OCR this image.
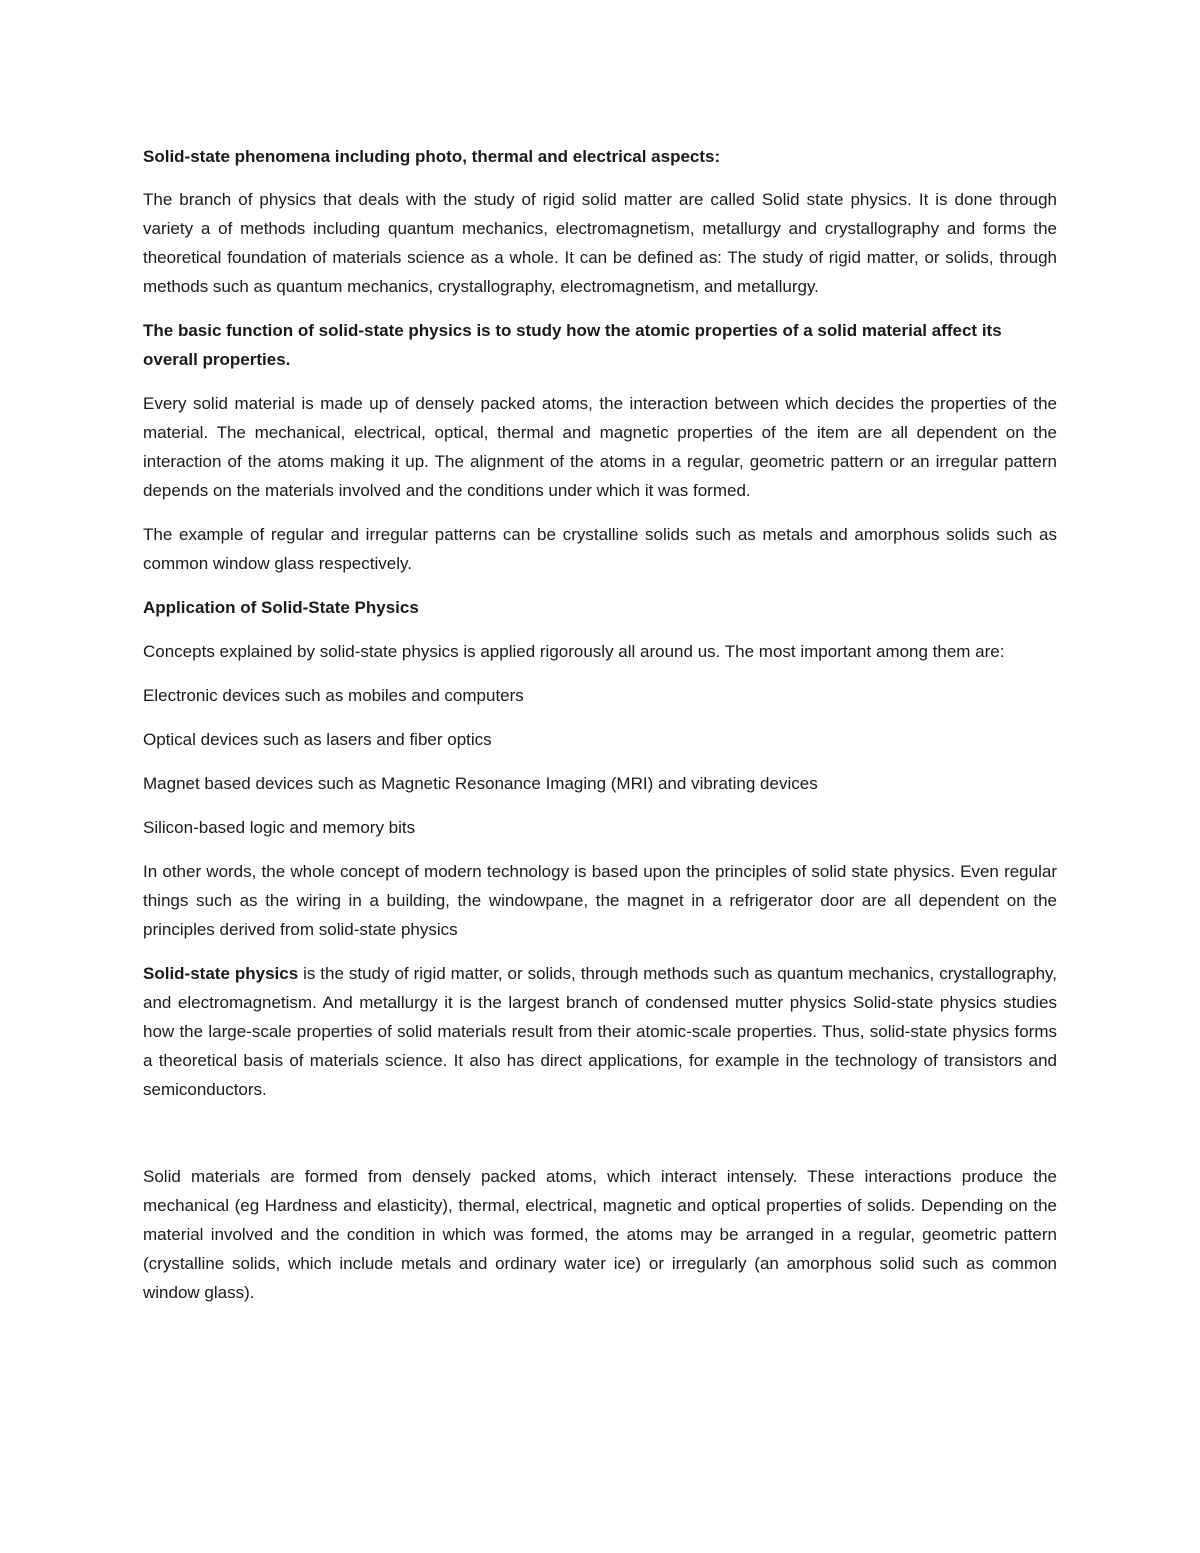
Solid-state phenomena including photo, thermal and electrical aspects:

The branch of physics that deals with the study of rigid solid matter are called Solid state physics. It is done through variety a of methods including quantum mechanics, electromagnetism, metallurgy and crystallography and forms the theoretical foundation of materials science as a whole. It can be defined as: The study of rigid matter, or solids, through methods such as quantum mechanics, crystallography, electromagnetism, and metallurgy.

The basic function of solid-state physics is to study how the atomic properties of a solid material affect its overall properties.

Every solid material is made up of densely packed atoms, the interaction between which decides the properties of the material. The mechanical, electrical, optical, thermal and magnetic properties of the item are all dependent on the interaction of the atoms making it up. The alignment of the atoms in a regular, geometric pattern or an irregular pattern depends on the materials involved and the conditions under which it was formed.

The example of regular and irregular patterns can be crystalline solids such as metals and amorphous solids such as common window glass respectively.

Application of Solid-State Physics

Concepts explained by solid-state physics is applied rigorously all around us. The most important among them are:

Electronic devices such as mobiles and computers

Optical devices such as lasers and fiber optics

Magnet based devices such as Magnetic Resonance Imaging (MRI) and vibrating devices

Silicon-based logic and memory bits

In other words, the whole concept of modern technology is based upon the principles of solid state physics. Even regular things such as the wiring in a building, the windowpane, the magnet in a refrigerator door are all dependent on the principles derived from solid-state physics

Solid-state physics is the study of rigid matter, or solids, through methods such as quantum mechanics, crystallography, and electromagnetism. And metallurgy it is the largest branch of condensed mutter physics Solid-state physics studies how the large-scale properties of solid materials result from their atomic-scale properties. Thus, solid-state physics forms a theoretical basis of materials science. It also has direct applications, for example in the technology of transistors and semiconductors.

Solid materials are formed from densely packed atoms, which interact intensely. These interactions produce the mechanical (eg Hardness and elasticity), thermal, electrical, magnetic and optical properties of solids. Depending on the material involved and the condition in which was formed, the atoms may be arranged in a regular, geometric pattern (crystalline solids, which include metals and ordinary water ice) or irregularly (an amorphous solid such as common window glass).
